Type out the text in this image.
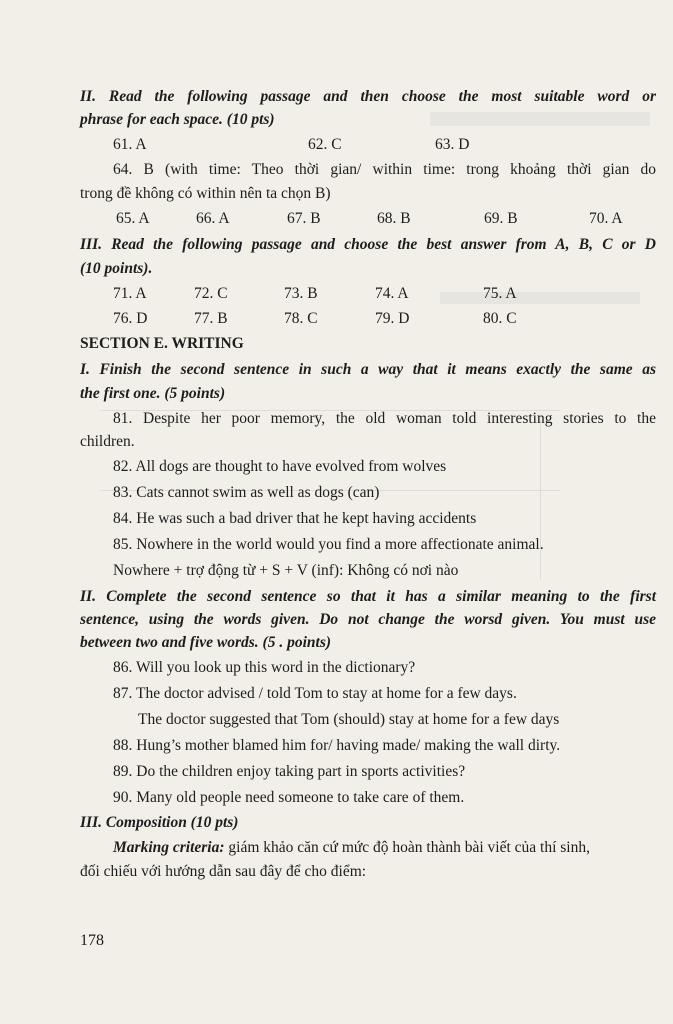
II. Read the following passage and then choose the most suitable word or
phrase for each space. (10 pts)
61. A	62. C	63. D
64. B (with time: Theo thời gian/ within time: trong khoảng thời gian do
trong đề không có within nên ta chọn B)
65. A	66. A	67. B	68. B	69. B	70. A
III. Read the following passage and choose the best answer from A, B, C or D
(10 points).
71. A	72. C	73. B	74. A	75. A
76. D	77. B	78. C	79. D	80. C
SECTION E. WRITING
I. Finish the second sentence in such a way that it means exactly the same as
the first one. (5 points)
81. Despite her poor memory, the old woman told interesting stories to the
children.
82. All dogs are thought to have evolved from wolves
83. Cats cannot swim as well as dogs (can)
84. He was such a bad driver that he kept having accidents
85. Nowhere in the world would you find a more affectionate animal.
Nowhere + trợ động từ + S + V (inf): Không có nơi nào
II. Complete the second sentence so that it has a similar meaning to the first
sentence, using the words given. Do not change the worsd given. You must use
between two and five words. (5 . points)
86. Will you look up this word in the dictionary?
87. The doctor advised / told Tom to stay at home for a few days.
The doctor suggested that Tom (should) stay at home for a few days
88. Hung’s mother blamed him for/ having made/ making the wall dirty.
89. Do the children enjoy taking part in sports activities?
90. Many old people need someone to take care of them.
III. Composition (10 pts)
Marking criteria: giám khảo căn cứ mức độ hoàn thành bài viết của thí sinh,
đối chiếu với hướng dẫn sau đây để cho điểm:
178
